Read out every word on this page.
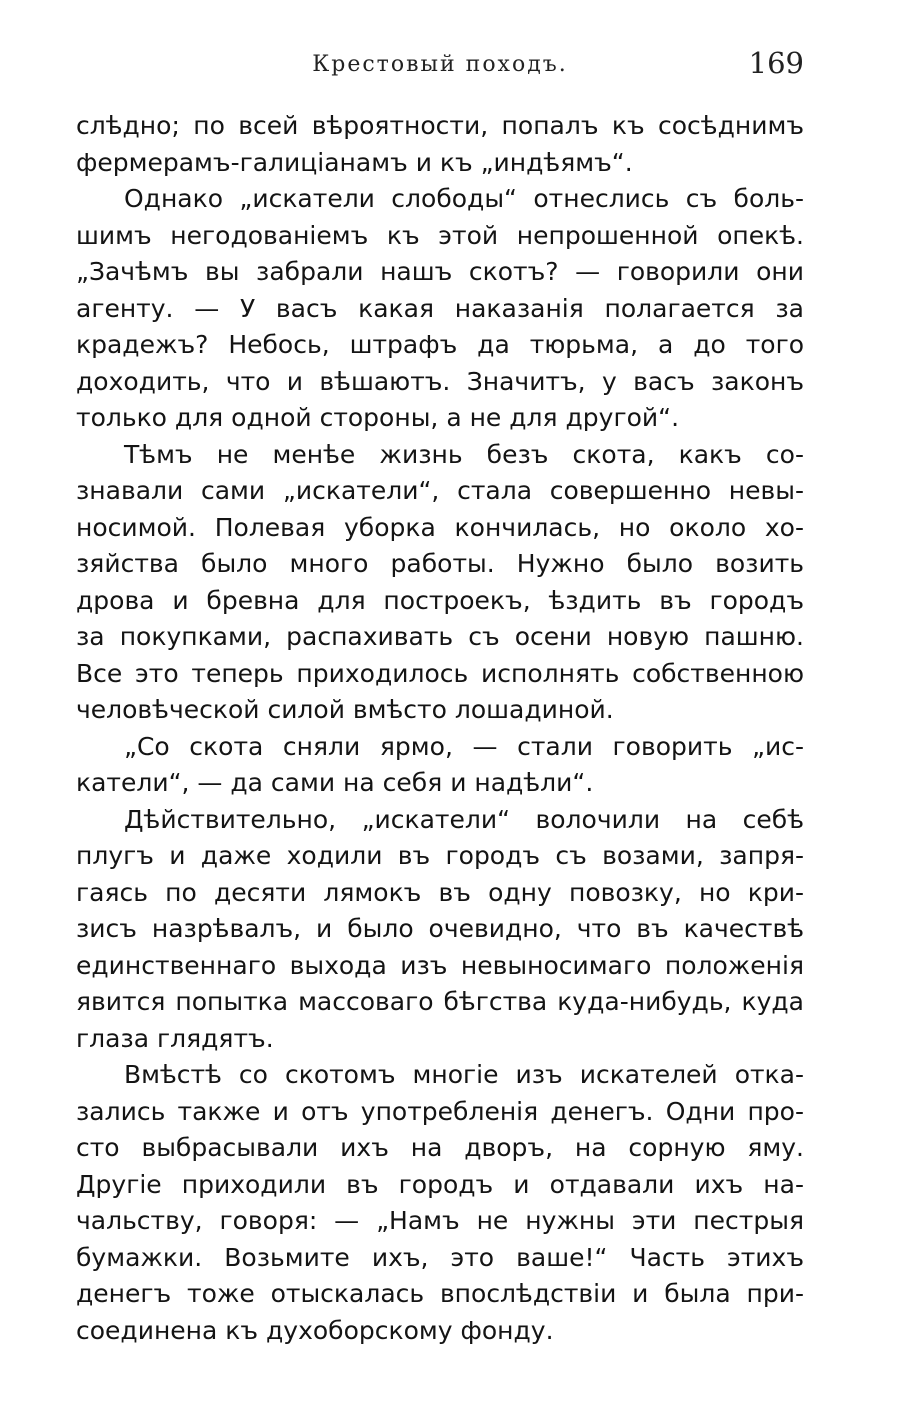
Крестовый походъ.	169

слѣдно; по всей вѣроятности, попалъ къ сосѣднимъ
фермерамъ-галиціанамъ и къ „индѣямъ“.

Однако „искатели слободы“ отнеслись съ боль-
шимъ негодованіемъ къ этой непрошенной опекѣ.
„Зачѣмъ вы забрали нашъ скотъ? — говорили они
агенту. — У васъ какая наказанія полагается за
крадежъ? Небось, штрафъ да тюрьма, а до того
доходить, что и вѣшаютъ. Значитъ, у васъ законъ
только для одной стороны, а не для другой“.

Тѣмъ не менѣе жизнь безъ скота, какъ со-
знавали сами „искатели“, стала совершенно невы-
носимой. Полевая уборка кончилась, но около хо-
зяйства было много работы. Нужно было возить
дрова и бревна для построекъ, ѣздить въ городъ
за покупками, распахивать съ осени новую пашню.
Все это теперь приходилось исполнять собственною
человѣческой силой вмѣсто лошадиной.

„Со скота сняли ярмо, — стали говорить „ис-
катели“, — да сами на себя и надѣли“.

Дѣйствительно, „искатели“ волочили на себѣ
плугъ и даже ходили въ городъ съ возами, запря-
гаясь по десяти лямокъ въ одну повозку, но кри-
зисъ назрѣвалъ, и было очевидно, что въ качествѣ
единственнаго выхода изъ невыносимаго положенія
явится попытка массоваго бѣгства куда-нибудь, куда
глаза глядятъ.

Вмѣстѣ со скотомъ многіе изъ искателей отка-
зались также и отъ употребленія денегъ. Одни про-
сто выбрасывали ихъ на дворъ, на сорную яму.
Другіе приходили въ городъ и отдавали ихъ на-
чальству, говоря: — „Намъ не нужны эти пестрыя
бумажки. Возьмите ихъ, это ваше!“ Часть этихъ
денегъ тоже отыскалась впослѣдствіи и была при-
соединена къ духоборскому фонду.
